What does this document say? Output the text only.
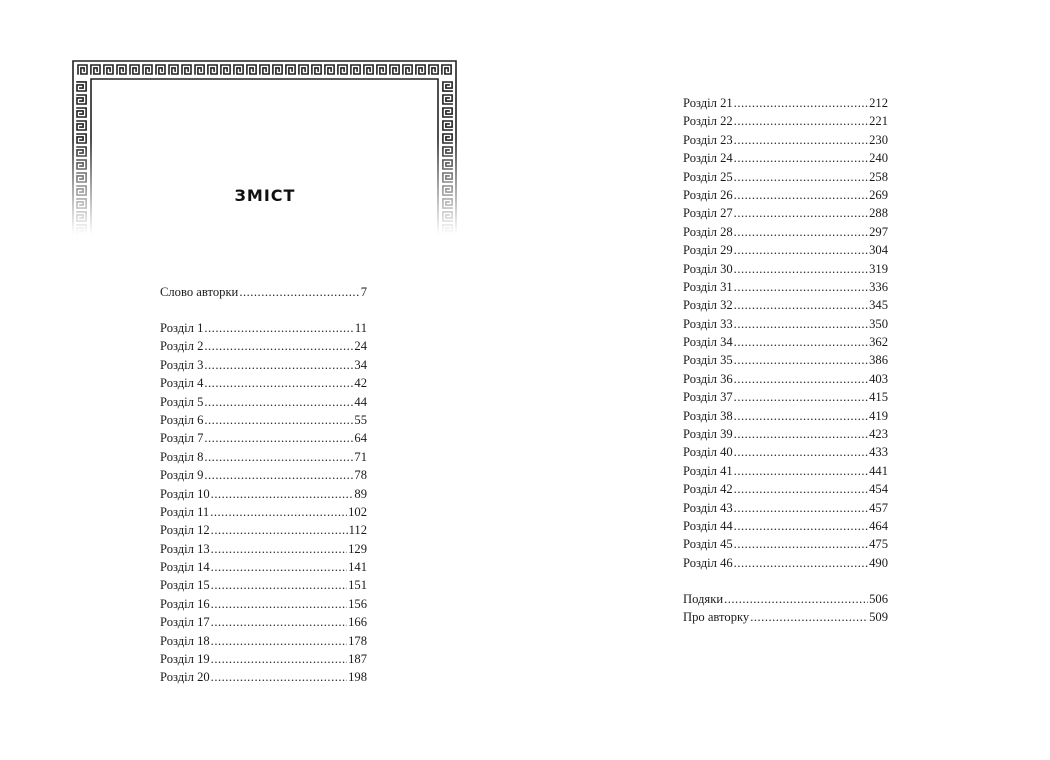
ЗМІСТ
Слово авторки .....	7
Розділ 1 .....	11
Розділ 2 .....	24
Розділ 3 .....	34
Розділ 4 .....	42
Розділ 5 .....	44
Розділ 6 .....	55
Розділ 7 .....	64
Розділ 8 .....	71
Розділ 9 .....	78
Розділ 10 .....	89
Розділ 11 .....	102
Розділ 12 .....	112
Розділ 13 .....	129
Розділ 14 .....	141
Розділ 15 .....	151
Розділ 16 .....	156
Розділ 17 .....	166
Розділ 18 .....	178
Розділ 19 .....	187
Розділ 20 .....	198
Розділ 21 .....	212
Розділ 22 .....	221
Розділ 23 .....	230
Розділ 24 .....	240
Розділ 25 .....	258
Розділ 26 .....	269
Розділ 27 .....	288
Розділ 28 .....	297
Розділ 29 .....	304
Розділ 30 .....	319
Розділ 31 .....	336
Розділ 32 .....	345
Розділ 33 .....	350
Розділ 34 .....	362
Розділ 35 .....	386
Розділ 36 .....	403
Розділ 37 .....	415
Розділ 38 .....	419
Розділ 39 .....	423
Розділ 40 .....	433
Розділ 41 .....	441
Розділ 42 .....	454
Розділ 43 .....	457
Розділ 44 .....	464
Розділ 45 .....	475
Розділ 46 .....	490
Подяки .....	506
Про авторку .....	509
